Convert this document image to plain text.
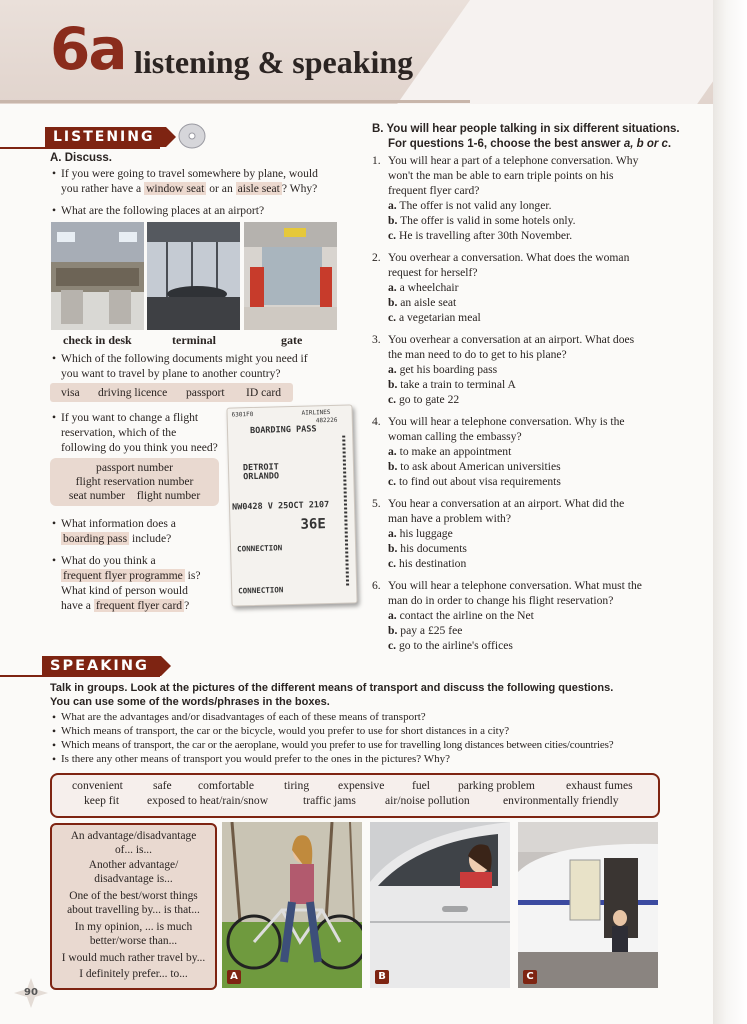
6a listening & speaking
LISTENING
A. Discuss.
• If you were going to travel somewhere by plane, would
you rather have a window seat or an aisle seat ? Why?
• What are the following places at an airport?
check in desk	terminal	gate
• Which of the following documents might you need if
you want to travel by plane to another country?
visa driving licence passport ID card
• If you want to change a flight
reservation, which of the
following do you think you need?
passport number
flight reservation number
seat number    flight number
• What information does a
boarding pass include?
• What do you think a
frequent flyer programme is?
What kind of person would
have a frequent flyer card ?
6301F0	AIRLINES
482226
BOARDING PASS
DETROIT
ORLANDO
NW0428 V 25OCT 2107
36E
CONNECTION
CONNECTION
B. You will hear people talking in six different situations.
For questions 1-6, choose the best answer a, b or c.
1. You will hear a part of a telephone conversation. Why
won't the man be able to earn triple points on his
frequent flyer card?
a. The offer is not valid any longer.
b. The offer is valid in some hotels only.
c. He is travelling after 30th November.
2. You overhear a conversation. What does the woman
request for herself?
a. a wheelchair
b. an aisle seat
c. a vegetarian meal
3. You overhear a conversation at an airport. What does
the man need to do to get to his plane?
a. get his boarding pass
b. take a train to terminal A
c. go to gate 22
4. You will hear a telephone conversation. Why is the
woman calling the embassy?
a. to make an appointment
b. to ask about American universities
c. to find out about visa requirements
5. You hear a conversation at an airport. What did the
man have a problem with?
a. his luggage
b. his documents
c. his destination
6. You will hear a telephone conversation. What must the
man do in order to change his flight reservation?
a. contact the airline on the Net
b. pay a £25 fee
c. go to the airline's offices
SPEAKING
Talk in groups. Look at the pictures of the different means of transport and discuss the following questions.
You can use some of the words/phrases in the boxes.
• What are the advantages and/or disadvantages of each of these means of transport?
• Which means of transport, the car or the bicycle, would you prefer to use for short distances in a city?
• Which means of transport, the car or the aeroplane, would you prefer to use for travelling long distances between cities/countries?
• Is there any other means of transport you would prefer to the ones in the pictures? Why?
convenient	safe comfortable	tiring expensive fuel parking problem	exhaust fumes
keep fit exposed to heat/rain/snow	traffic jams	air/noise pollution	environmentally friendly
An advantage/disadvantage
of... is...
Another advantage/
disadvantage is...
One of the best/worst things
about travelling by... is that...
In my opinion, ... is much
better/worse than...
I would much rather travel by...
I definitely prefer... to...	A	B	C
90
